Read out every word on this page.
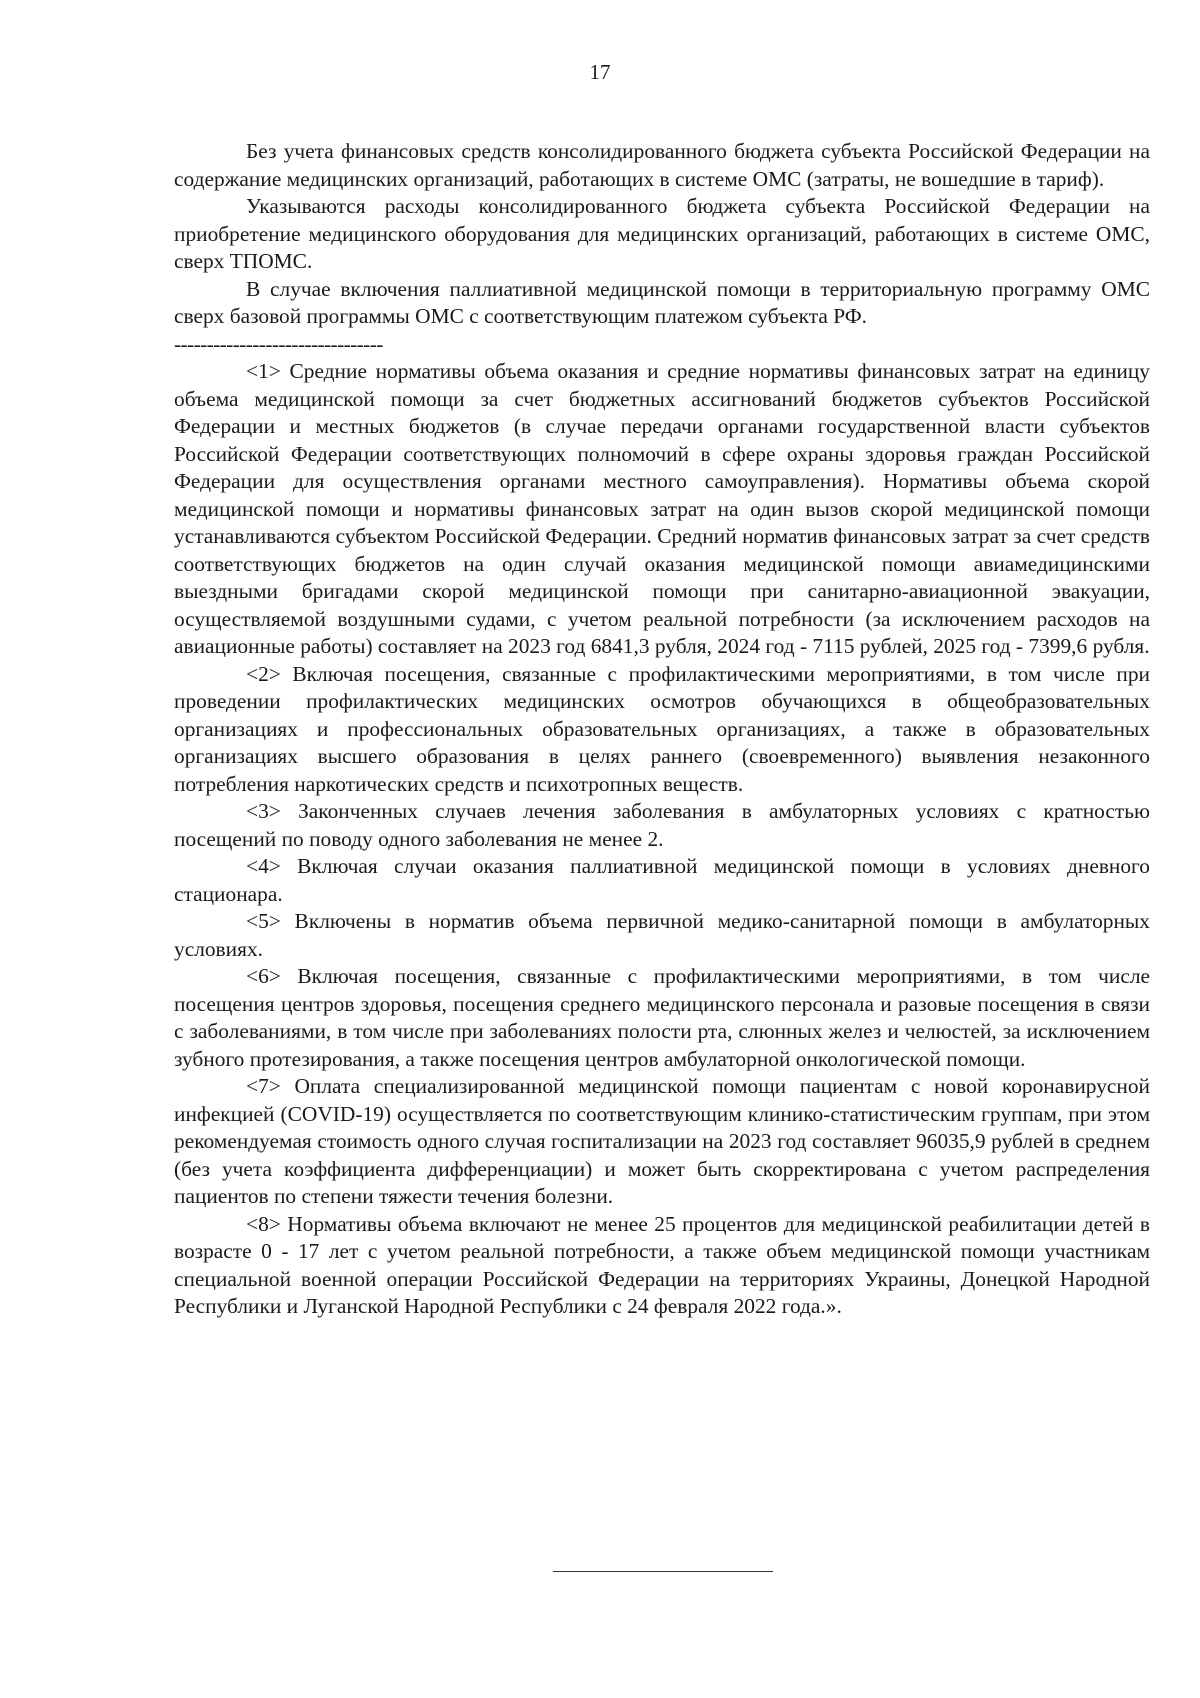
17

Без учета финансовых средств консолидированного бюджета субъекта Российской Федерации на содержание медицинских организаций, работающих в системе ОМС (затраты, не вошедшие в тариф).

Указываются расходы консолидированного бюджета субъекта Российской Федерации на приобретение медицинского оборудования для медицинских организаций, работающих в системе ОМС, сверх ТПОМС.

В случае включения паллиативной медицинской помощи в территориальную программу ОМС сверх базовой программы ОМС с соответствующим платежом субъекта РФ.

--------------------------------

<1> Средние нормативы объема оказания и средние нормативы финансовых затрат на единицу объема медицинской помощи за счет бюджетных ассигнований бюджетов субъектов Российской Федерации и местных бюджетов (в случае передачи органами государственной власти субъектов Российской Федерации соответствующих полномочий в сфере охраны здоровья граждан Российской Федерации для осуществления органами местного самоуправления). Нормативы объема скорой медицинской помощи и нормативы финансовых затрат на один вызов скорой медицинской помощи устанавливаются субъектом Российской Федерации. Средний норматив финансовых затрат за счет средств соответствующих бюджетов на один случай оказания медицинской помощи авиамедицинскими выездными бригадами скорой медицинской помощи при санитарно-авиационной эвакуации, осуществляемой воздушными судами, с учетом реальной потребности (за исключением расходов на авиационные работы) составляет на 2023 год 6841,3 рубля, 2024 год - 7115 рублей, 2025 год - 7399,6 рубля.

<2> Включая посещения, связанные с профилактическими мероприятиями, в том числе при проведении профилактических медицинских осмотров обучающихся в общеобразовательных организациях и профессиональных образовательных организациях, а также в образовательных организациях высшего образования в целях раннего (своевременного) выявления незаконного потребления наркотических средств и психотропных веществ.

<3> Законченных случаев лечения заболевания в амбулаторных условиях с кратностью посещений по поводу одного заболевания не менее 2.

<4> Включая случаи оказания паллиативной медицинской помощи в условиях дневного стационара.

<5> Включены в норматив объема первичной медико-санитарной помощи в амбулаторных условиях.

<6> Включая посещения, связанные с профилактическими мероприятиями, в том числе посещения центров здоровья, посещения среднего медицинского персонала и разовые посещения в связи с заболеваниями, в том числе при заболеваниях полости рта, слюнных желез и челюстей, за исключением зубного протезирования, а также посещения центров амбулаторной онкологической помощи.

<7> Оплата специализированной медицинской помощи пациентам с новой коронавирусной инфекцией (COVID-19) осуществляется по соответствующим клинико-статистическим группам, при этом рекомендуемая стоимость одного случая госпитализации на 2023 год составляет 96035,9 рублей в среднем (без учета коэффициента дифференциации) и может быть скорректирована с учетом распределения пациентов по степени тяжести течения болезни.

<8> Нормативы объема включают не менее 25 процентов для медицинской реабилитации детей в возрасте 0 - 17 лет с учетом реальной потребности, а также объем медицинской помощи участникам специальной военной операции Российской Федерации на территориях Украины, Донецкой Народной Республики и Луганской Народной Республики с 24 февраля 2022 года.».
